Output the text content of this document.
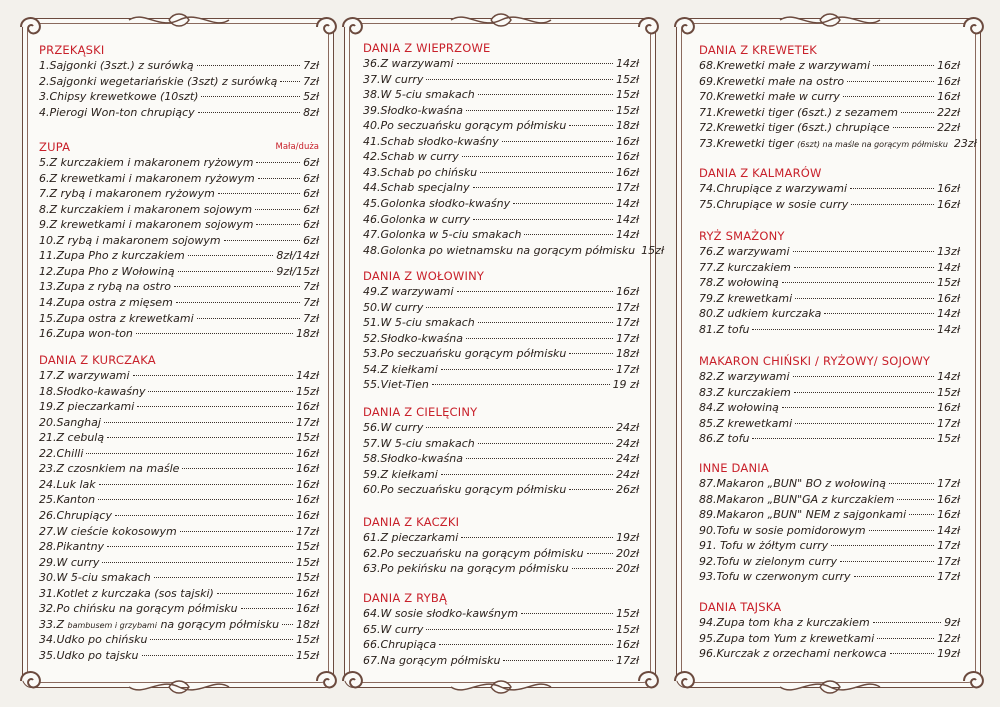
PRZEKĄSKI
1.Sajgonki (3szt.) z surówką	7zł
2.Sajgonki wegetariańskie (3szt) z surówką 7zł
3.Chipsy krewetkowe (10szt)	5zł
4.Pierogi Won-ton chrupiący	8zł
ZUPA	Mała/duża
5.Z kurczakiem i makaronem ryżowym	6zł
6.Z krewetkami i makaronem ryżowym	6zł
7.Z rybą i makaronem ryżowym	6zł
8.Z kurczakiem i makaronem sojowym	6zł
9.Z krewetkami i makaronem sojowym	6zł
10.Z rybą i makaronem sojowym	6zł
11.Zupa Pho z kurczakiem	8zł/14zł
12.Zupa Pho z Wołowiną	9zł/15zł
13.Zupa z rybą na ostro	7zł
14.Zupa ostra z mięsem	7zł
15.Zupa ostra z krewetkami	7zł
16.Zupa won-ton	18zł
DANIA Z KURCZAKA
17.Z warzywami	14zł
18.Słodko-kawaśny	15zł
19.Z pieczarkami	16zł
20.Sanghaj	17zł
21.Z cebulą	15zł
22.Chilli	16zł
23.Z czosnkiem na maśle	16zł
24.Luk lak	16zł
25.Kanton	16zł
26.Chrupiący	16zł
27.W cieście kokosowym	17zł
28.Pikantny	15zł
29.W curry	15zł
30.W 5-ciu smakach	15zł
31.Kotlet z kurczaka (sos tajski)	16zł
32.Po chińsku na gorącym półmisku	16zł
33.Z bambusem i grzybami na gorącym półmisku 18zł
34.Udko po chińsku	15zł
35.Udko po tajsku	15zł
DANIA Z WIEPRZOWE
36.Z warzywami	14zł
37.W curry	15zł
38.W 5-ciu smakach	15zł
39.Słodko-kwaśna	15zł
40.Po seczuańsku gorącym półmisku	18zł
41.Schab słodko-kwaśny	16zł
42.Schab w curry	16zł
43.Schab po chińsku	16zł
44.Schab specjalny	17zł
45.Golonka słodko-kwaśny	14zł
46.Golonka w curry	14zł
47.Golonka w 5-ciu smakach	14zł
48.Golonka po wietnamsku na gorącym półmisku 15zł
DANIA Z WOŁOWINY
49.Z warzywami	16zł
50.W curry	17zł
51.W 5-ciu smakach	17zł
52.Słodko-kwaśna	17zł
53.Po seczuańsku gorącym półmisku	18zł
54.Z kiełkami	17zł
55.Viet-Tien	19 zł
DANIA Z CIELĘCINY
56.W curry	24zł
57.W 5-ciu smakach	24zł
58.Słodko-kwaśna	24zł
59.Z kiełkami	24zł
60.Po seczuańsku gorącym półmisku	26zł
DANIA Z KACZKI
61.Z pieczarkami	19zł
62.Po seczuańsku na gorącym półmisku	20zł
63.Po pekińsku na gorącym półmisku	20zł
DANIA Z RYBĄ
64.W sosie słodko-kawśnym	15zł
65.W curry	15zł
66.Chrupiąca	16zł
67.Na gorącym półmisku	17zł
DANIA Z KREWETEK
68.Krewetki małe z warzywami	16zł
69.Krewetki małe na ostro	16zł
70.Krewetki małe w curry	16zł
71.Krewetki tiger (6szt.) z sezamem	22zł
72.Krewetki tiger (6szt.) chrupiące	22zł
73.Krewetki tiger (6szt) na maśle na gorącym półmisku 23zł
DANIA Z KALMARÓW
74.Chrupiące z warzywami	16zł
75.Chrupiące w sosie curry	16zł
RYŻ SMAŻONY
76.Z warzywami	13zł
77.Z kurczakiem	14zł
78.Z wołowiną	15zł
79.Z krewetkami	16zł
80.Z udkiem kurczaka	14zł
81.Z tofu	14zł
MAKARON CHIŃSKI / RYŻOWY/ SOJOWY
82.Z warzywami	14zł
83.Z kurczakiem	15zł
84.Z wołowiną	16zł
85.Z krewetkami	17zł
86.Z tofu	15zł
INNE DANIA
87.Makaron „BUN" BO z wołowiną	17zł
88.Makaron „BUN"GA z kurczakiem	16zł
89.Makaron „BUN" NEM z sajgonkami	16zł
90.Tofu w sosie pomidorowym	14zł
91. Tofu w żółtym curry	17zł
92.Tofu w zielonym curry	17zł
93.Tofu w czerwonym curry	17zł
DANIA TAJSKA
94.Zupa tom kha z kurczakiem	9zł
95.Zupa tom Yum z krewetkami	12zł
96.Kurczak z orzechami nerkowca	19zł
